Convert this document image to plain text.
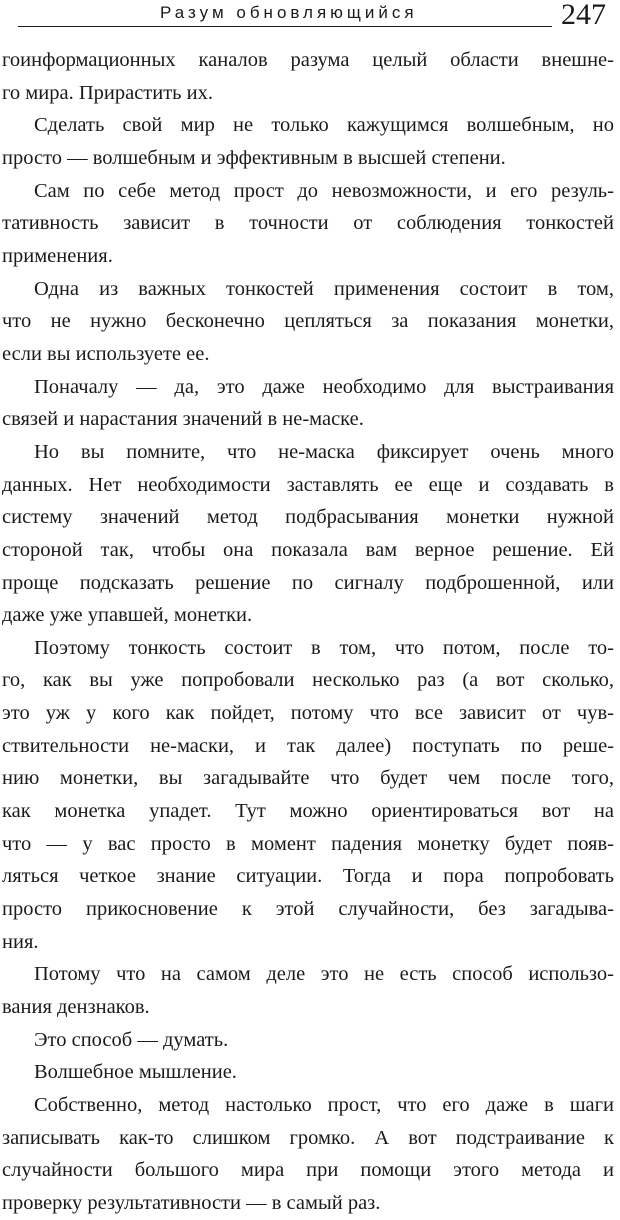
Разум обновляющийся	247
гоинформационных каналов разума целый области внешне-
го мира. Прирастить их.
Сделать свой мир не только кажущимся волшебным, но
просто — волшебным и эффективным в высшей степени.
Сам по себе метод прост до невозможности, и его резуль-
тативность зависит в точности от соблюдения тонкостей
применения.
Одна из важных тонкостей применения состоит в том,
что не нужно бесконечно цепляться за показания монетки,
если вы используете ее.
Поначалу — да, это даже необходимо для выстраивания
связей и нарастания значений в не-маске.
Но вы помните, что не-маска фиксирует очень много
данных. Нет необходимости заставлять ее еще и создавать в
систему значений метод подбрасывания монетки нужной
стороной так, чтобы она показала вам верное решение. Ей
проще подсказать решение по сигналу подброшенной, или
даже уже упавшей, монетки.
Поэтому тонкость состоит в том, что потом, после то-
го, как вы уже попробовали несколько раз (а вот сколько,
это уж у кого как пойдет, потому что все зависит от чув-
ствительности не-маски, и так далее) поступать по реше-
нию монетки, вы загадывайте что будет чем после того,
как монетка упадет. Тут можно ориентироваться вот на
что — у вас просто в момент падения монетку будет появ-
ляться четкое знание ситуации. Тогда и пора попробовать
просто прикосновение к этой случайности, без загадыва-
ния.
Потому что на самом деле это не есть способ использо-
вания дензнаков.
Это способ — думать.
Волшебное мышление.
Собственно, метод настолько прост, что его даже в шаги
записывать как-то слишком громко. А вот подстраивание к
случайности большого мира при помощи этого метода и
проверку результативности — в самый раз.
